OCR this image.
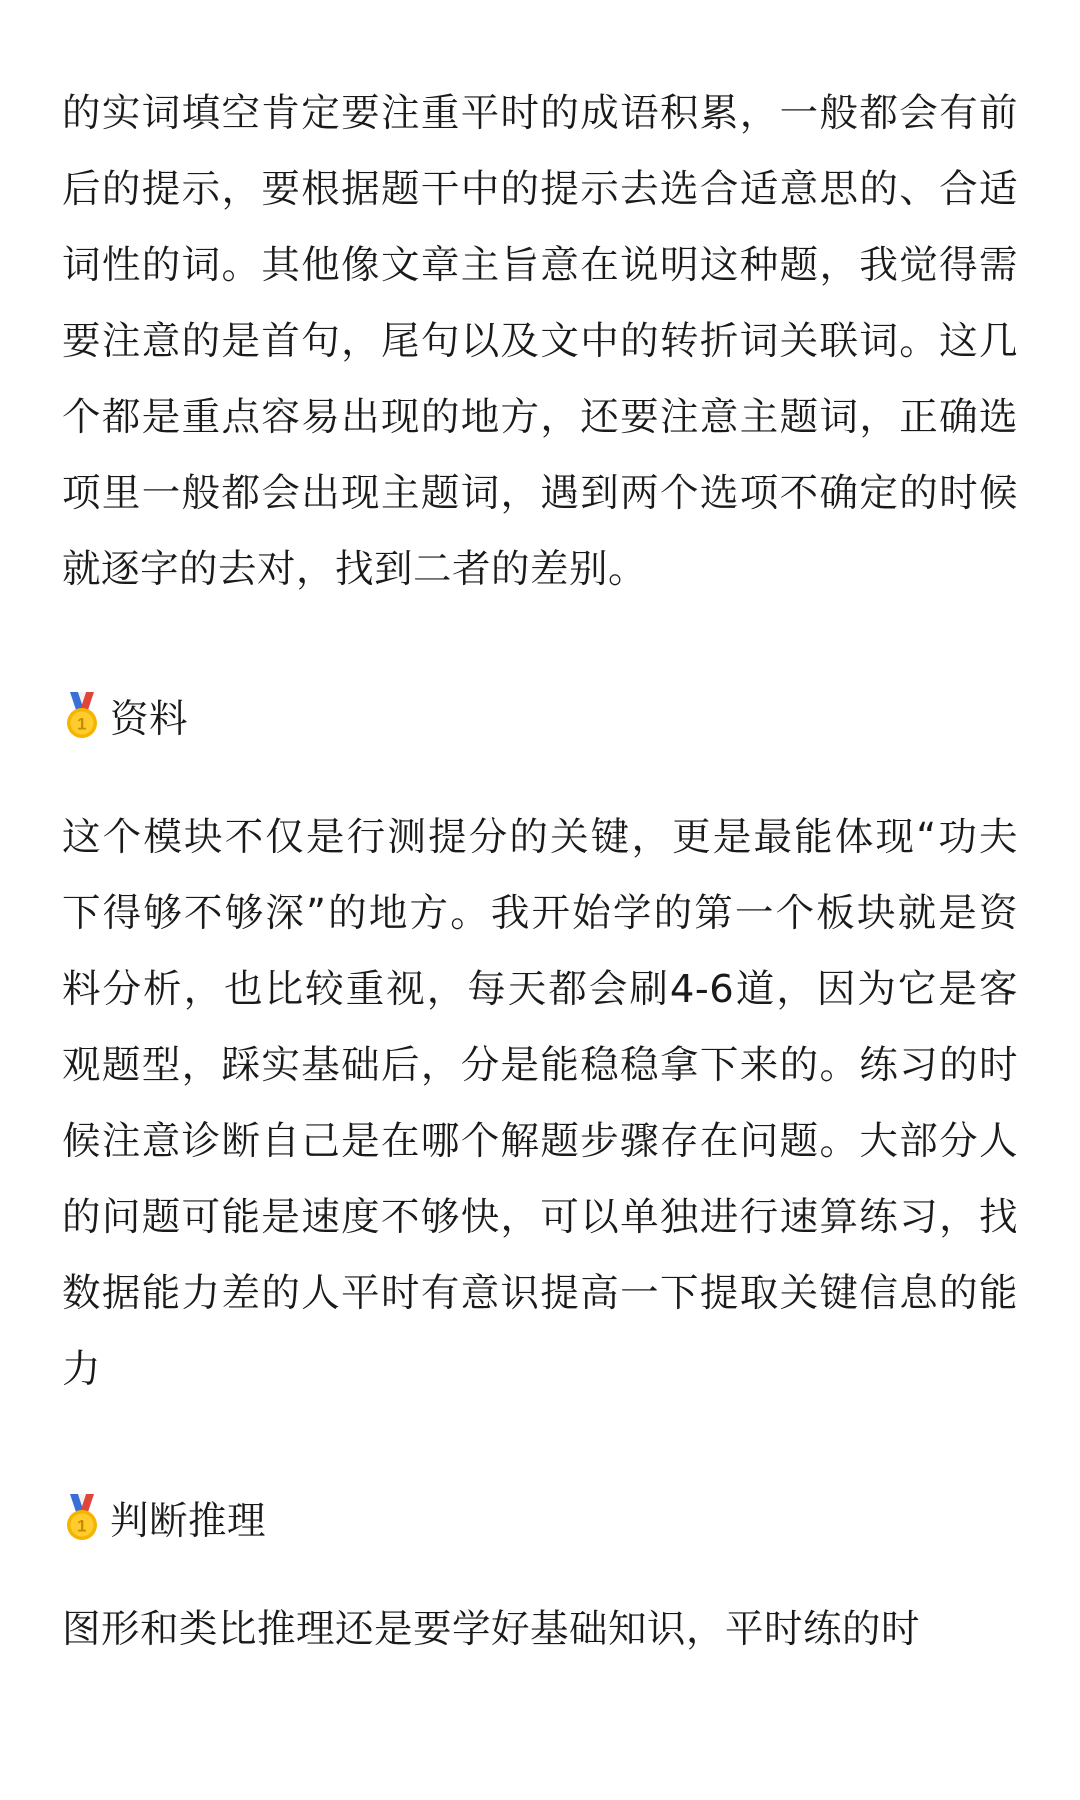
的实词填空肯定要注重平时的成语积累，一般都会有前后的提示，要根据题干中的提示去选合适意思的、合适词性的词。其他像文章主旨意在说明这种题，我觉得需要注意的是首句，尾句以及文中的转折词关联词。这几个都是重点容易出现的地方，还要注意主题词，正确选项里一般都会出现主题词，遇到两个选项不确定的时候就逐字的去对，找到二者的差别。

1 资料

这个模块不仅是行测提分的关键，更是最能体现“功夫下得够不够深”的地方。我开始学的第一个板块就是资料分析，也比较重视，每天都会刷4-6道，因为它是客观题型，踩实基础后，分是能稳稳拿下来的。练习的时候注意诊断自己是在哪个解题步骤存在问题。大部分人的问题可能是速度不够快，可以单独进行速算练习，找数据能力差的人平时有意识提高一下提取关键信息的能力

1 判断推理

图形和类比推理还是要学好基础知识，平时练的时
